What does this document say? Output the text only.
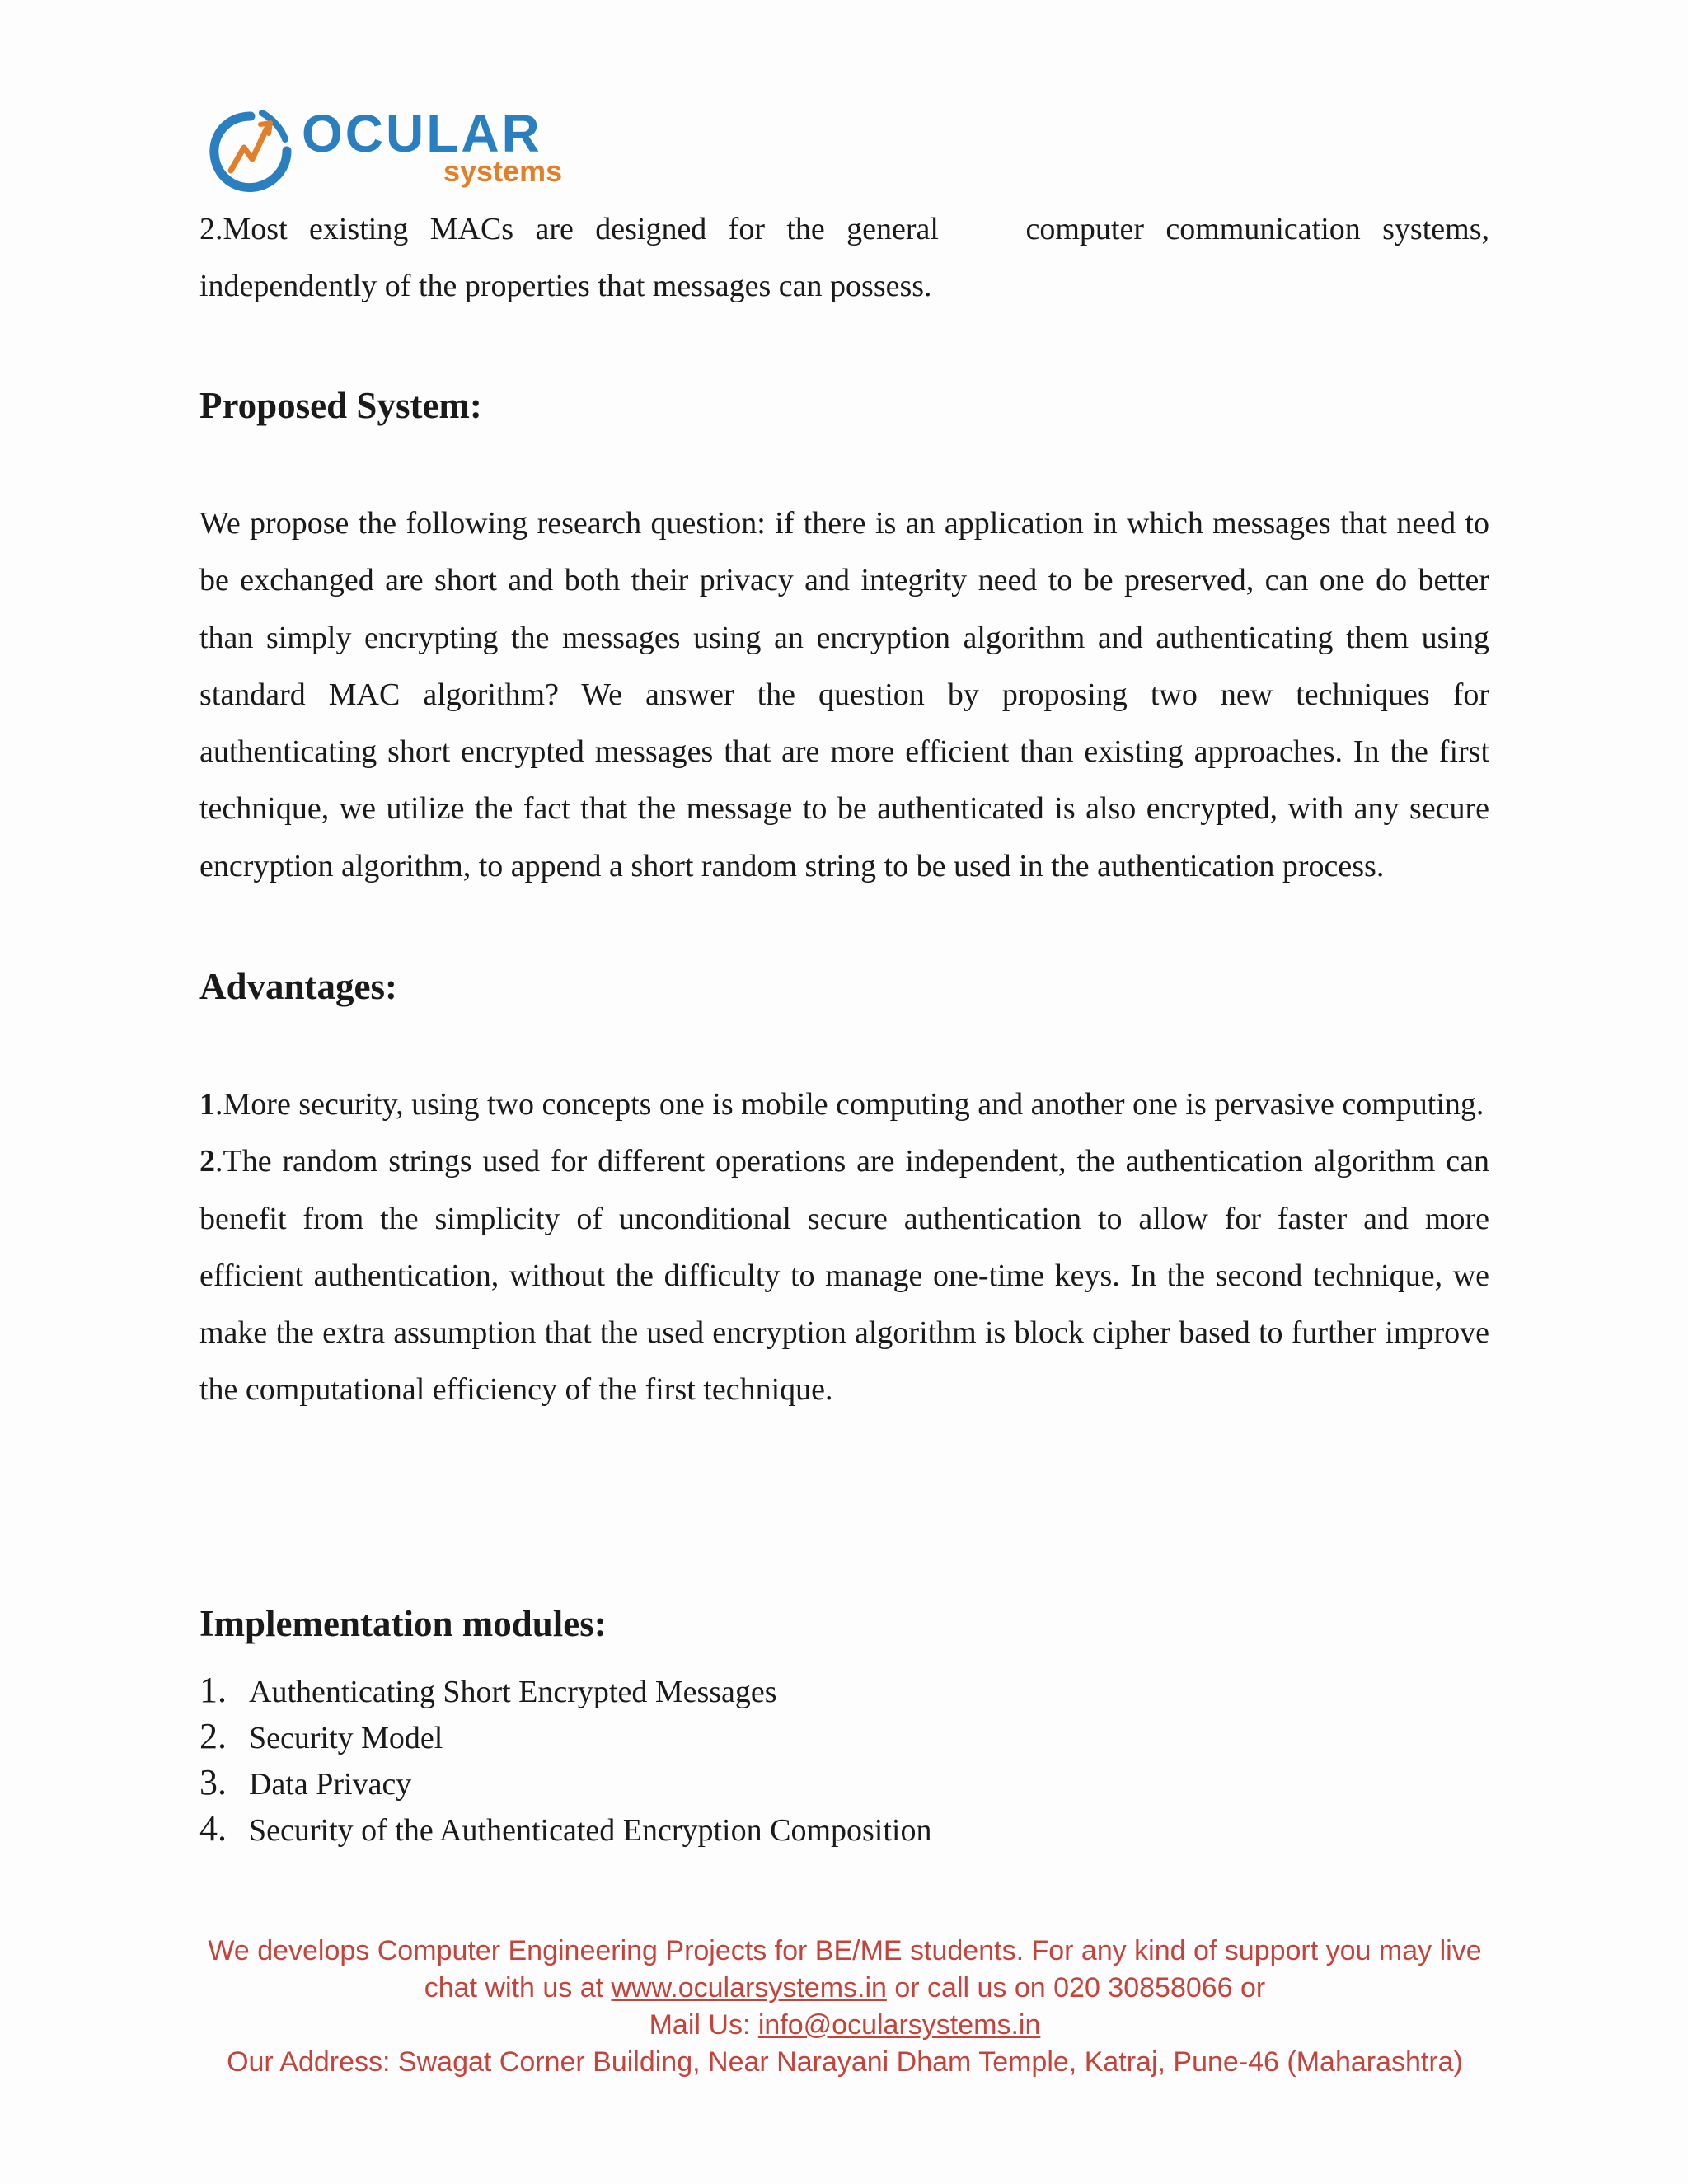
OCULAR
systems

2.Most existing MACs are designed for the general    computer communication systems, independently of the properties that messages can possess.

Proposed System:

We propose the following research question: if there is an application in which messages that need to be exchanged are short and both their privacy and integrity need to be preserved, can one do better than simply encrypting the messages using an encryption algorithm and authenticating them using standard MAC algorithm? We answer the question by proposing two new techniques for authenticating short encrypted messages that are more efficient than existing approaches. In the first technique, we utilize the fact that the message to be authenticated is also encrypted, with any secure encryption algorithm, to append a short random string to be used in the authentication process.

Advantages:

1.More security, using two concepts one is mobile computing and another one is pervasive computing.

2.The random strings used for different operations are independent, the authentication algorithm can benefit from the simplicity of unconditional secure authentication to allow for faster and more efficient authentication, without the difficulty to manage one-time keys. In the second technique, we make the extra assumption that the used encryption algorithm is block cipher based to further improve the computational efficiency of the first technique.

Implementation modules:
1. Authenticating Short Encrypted Messages
2. Security Model
3. Data Privacy
4. Security of the Authenticated Encryption Composition
We develops Computer Engineering Projects for BE/ME students. For any kind of support you may live
chat with us at www.ocularsystems.in or call us on 020 30858066 or
Mail Us: info@ocularsystems.in
Our Address: Swagat Corner Building, Near Narayani Dham Temple, Katraj, Pune-46 (Maharashtra)
